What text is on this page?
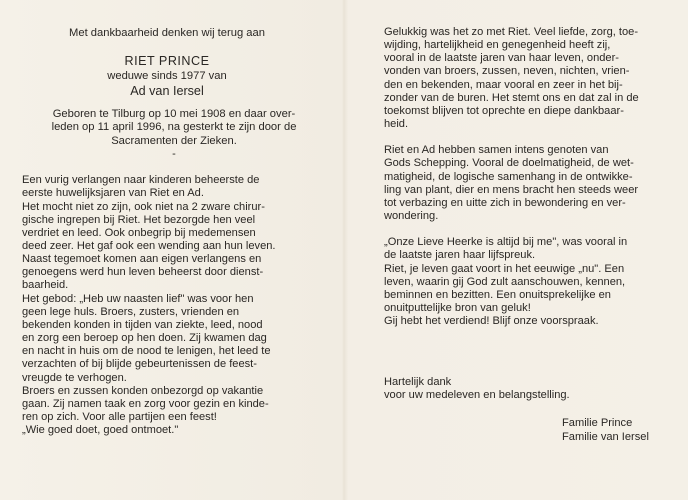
Met dankbaarheid denken wij terug aan
RIET PRINCE
weduwe sinds 1977 van
Ad van Iersel
Geboren te Tilburg op 10 mei 1908 en daar over-
leden op 11 april 1996, na gesterkt te zijn door de
Sacramenten der Zieken.
-

Een vurig verlangen naar kinderen beheerste de

eerste huwelijksjaren van Riet en Ad.

Het mocht niet zo zijn, ook niet na 2 zware chirur-

gische ingrepen bij Riet. Het bezorgde hen veel

verdriet en leed. Ook onbegrip bij medemensen

deed zeer. Het gaf ook een wending aan hun leven.

Naast tegemoet komen aan eigen verlangens en

genoegens werd hun leven beheerst door dienst-

baarheid.

Het gebod: „Heb uw naasten lief" was voor hen

geen lege huls. Broers, zusters, vrienden en

bekenden konden in tijden van ziekte, leed, nood

en zorg een beroep op hen doen. Zij kwamen dag

en nacht in huis om de nood te lenigen, het leed te

verzachten of bij blijde gebeurtenissen de feest-

vreugde te verhogen.

Broers en zussen konden onbezorgd op vakantie

gaan. Zij namen taak en zorg voor gezin en kinde-

ren op zich. Voor alle partijen een feest!

„Wie goed doet, goed ontmoet."

Gelukkig was het zo met Riet. Veel liefde, zorg, toe-

wijding, hartelijkheid en genegenheid heeft zij,

vooral in de laatste jaren van haar leven, onder-

vonden van broers, zussen, neven, nichten, vrien-

den en bekenden, maar vooral en zeer in het bij-

zonder van de buren. Het stemt ons en dat zal in de

toekomst blijven tot oprechte en diepe dankbaar-

heid.

Riet en Ad hebben samen intens genoten van

Gods Schepping. Vooral de doelmatigheid, de wet-

matigheid, de logische samenhang in de ontwikke-

ling van plant, dier en mens bracht hen steeds weer

tot verbazing en uitte zich in bewondering en ver-

wondering.

„Onze Lieve Heerke is altijd bij me", was vooral in

de laatste jaren haar lijfspreuk.

Riet, je leven gaat voort in het eeuwige „nu". Een

leven, waarin gij God zult aanschouwen, kennen,

beminnen en bezitten. Een onuitsprekelijke en

onuitputtelijke bron van geluk!

Gij hebt het verdiend! Blijf onze voorspraak.

Hartelijk dank

voor uw medeleven en belangstelling.

Familie Prince
Familie van Iersel
